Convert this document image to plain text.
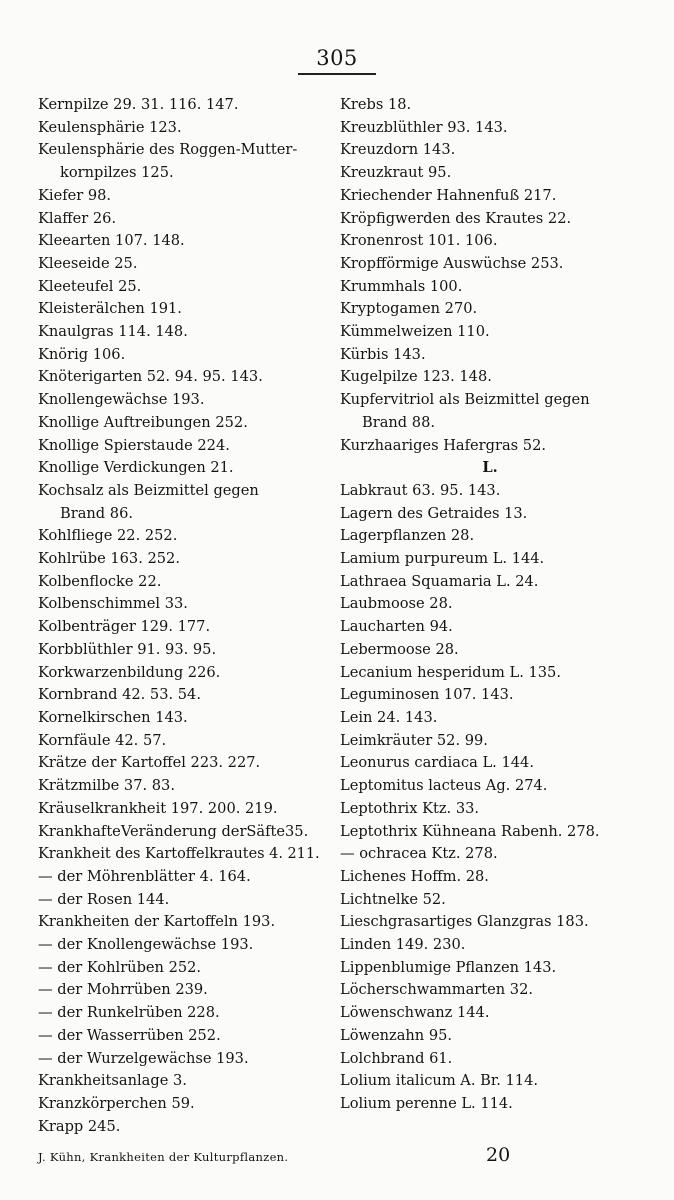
305
Kernpilze 29. 31. 116. 147.
Keulensphärie 123.
Keulensphärie des Roggen-Mutter-
kornpilzes 125.
Kiefer 98.
Klaffer 26.
Kleearten 107. 148.
Kleeseide 25.
Kleeteufel 25.
Kleisterälchen 191.
Knaulgras 114. 148.
Knörig 106.
Knöterigarten 52. 94. 95. 143.
Knollengewächse 193.
Knollige Auftreibungen 252.
Knollige Spierstaude 224.
Knollige Verdickungen 21.
Kochsalz als Beizmittel gegen
Brand 86.
Kohlfliege 22. 252.
Kohlrübe 163. 252.
Kolbenflocke 22.
Kolbenschimmel 33.
Kolbenträger 129. 177.
Korbblüthler 91. 93. 95.
Korkwarzenbildung 226.
Kornbrand 42. 53. 54.
Kornelkirschen 143.
Kornfäule 42. 57.
Krätze der Kartoffel 223. 227.
Krätzmilbe 37. 83.
Kräuselkrankheit 197. 200. 219.
KrankhafteVeränderung derSäfte35.
Krankheit des Kartoffelkrautes 4. 211.
— der Möhrenblätter 4. 164.
— der Rosen 144.
Krankheiten der Kartoffeln 193.
— der Knollengewächse 193.
— der Kohlrüben 252.
— der Mohrrüben 239.
— der Runkelrüben 228.
— der Wasserrüben 252.
— der Wurzelgewächse 193.
Krankheitsanlage 3.
Kranzkörperchen 59.
Krapp 245.
Krebs 18.
Kreuzblüthler 93. 143.
Kreuzdorn 143.
Kreuzkraut 95.
Kriechender Hahnenfuß 217.
Kröpfigwerden des Krautes 22.
Kronenrost 101. 106.
Kropfförmige Auswüchse 253.
Krummhals 100.
Kryptogamen 270.
Kümmelweizen 110.
Kürbis 143.
Kugelpilze 123. 148.
Kupfervitriol als Beizmittel gegen
Brand 88.
Kurzhaariges Hafergras 52.
L.
Labkraut 63. 95. 143.
Lagern des Getraides 13.
Lagerpflanzen 28.
Lamium purpureum L. 144.
Lathraea Squamaria L. 24.
Laubmoose 28.
Laucharten 94.
Lebermoose 28.
Lecanium hesperidum L. 135.
Leguminosen 107. 143.
Lein 24. 143.
Leimkräuter 52. 99.
Leonurus cardiaca L. 144.
Leptomitus lacteus Ag. 274.
Leptothrix Ktz. 33.
Leptothrix Kühneana Rabenh. 278.
— ochracea Ktz. 278.
Lichenes Hoffm. 28.
Lichtnelke 52.
Lieschgrasartiges Glanzgras 183.
Linden 149. 230.
Lippenblumige Pflanzen 143.
Löcherschwammarten 32.
Löwenschwanz 144.
Löwenzahn 95.
Lolchbrand 61.
Lolium italicum A. Br. 114.
Lolium perenne L. 114.
J. Kühn, Krankheiten der Kulturpflanzen.	20
